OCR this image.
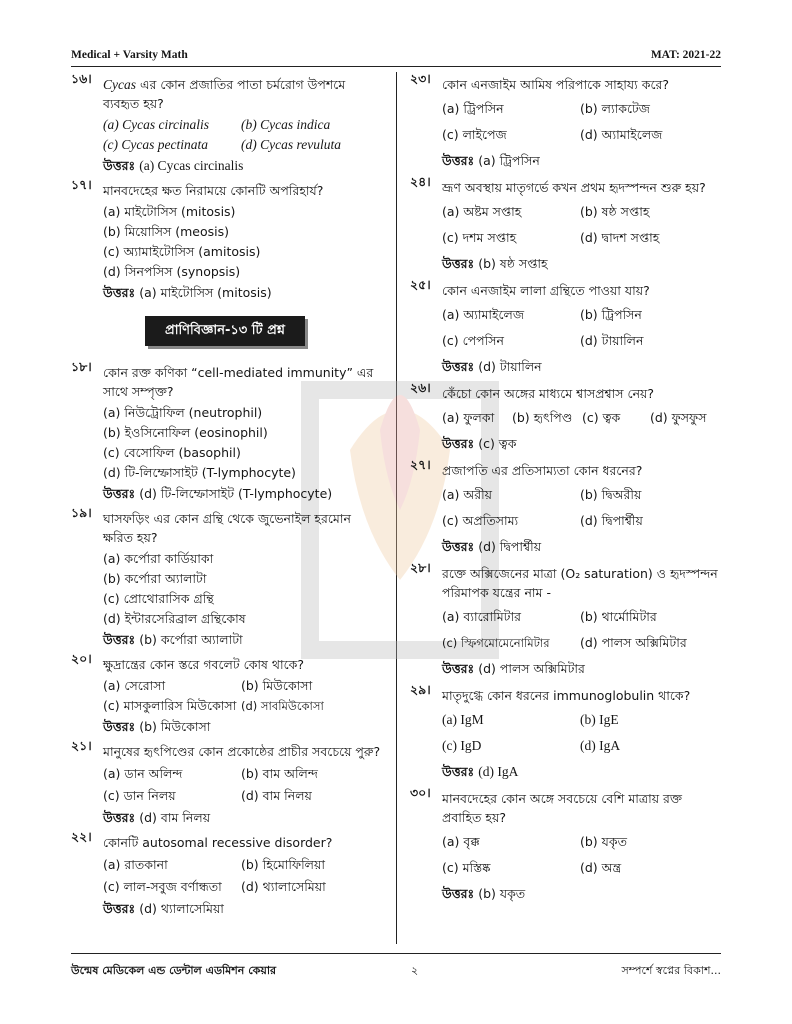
Medical + Varsity Math	MAT: 2021-22
১৬। Cycas এর কোন প্রজাতির পাতা চর্মরোগ উপশমে ব্যবহৃত হয়?
(a) Cycas circinalis	(b) Cycas indica
(c) Cycas pectinata	(d) Cycas revuluta
উত্তরঃ (a) Cycas circinalis
১৭। মানবদেহের ক্ষত নিরাময়ে কোনটি অপরিহার্য?
(a) মাইটোসিস (mitosis)
(b) মিয়োসিস (meosis)
(c) অ্যামাইটোসিস (amitosis)
(d) সিনপসিস (synopsis)
উত্তরঃ (a) মাইটোসিস (mitosis)
প্রাণিবিজ্ঞান-১৩ টি প্রশ্ন
১৮। কোন রক্ত কণিকা “cell-mediated immunity” এর সাথে সম্পৃক্ত?
(a) নিউট্রোফিল (neutrophil)
(b) ইওসিনোফিল (eosinophil)
(c) বেসোফিল (basophil)
(d) টি-লিম্ফোসাইট (T-lymphocyte)
উত্তরঃ (d) টি-লিম্ফোসাইট (T-lymphocyte)
১৯। ঘাসফড়িং এর কোন গ্রন্থি থেকে জুভেনাইল হরমোন ক্ষরিত হয়?
(a) কর্পোরা কার্ডিয়াকা
(b) কর্পোরা অ্যালাটা
(c) প্রোথোরাসিক গ্রন্থি
(d) ইন্টারসেরিব্রাল গ্রন্থিকোষ
উত্তরঃ (b) কর্পোরা অ্যালাটা
২০। ক্ষুদ্রান্ত্রের কোন স্তরে গবলেট কোষ থাকে?
(a) সেরোসা	(b) মিউকোসা
(c) মাসকুলারিস মিউকোসা (d) সাবমিউকোসা
উত্তরঃ (b) মিউকোসা
২১। মানুষের হৃৎপিণ্ডের কোন প্রকোষ্ঠের প্রাচীর সবচেয়ে পুরু?
(a) ডান অলিন্দ	(b) বাম অলিন্দ
(c) ডান নিলয়	(d) বাম নিলয়
উত্তরঃ (d) বাম নিলয়
২২। কোনটি autosomal recessive disorder?
(a) রাতকানা	(b) হিমোফিলিয়া
(c) লাল-সবুজ বর্ণান্ধতা	(d) থ্যালাসেমিয়া
উত্তরঃ (d) থ্যালাসেমিয়া
২৩। কোন এনজাইম আমিষ পরিপাকে সাহায্য করে?
(a) ট্রিপসিন	(b) ল্যাকটেজ
(c) লাইপেজ	(d) অ্যামাইলেজ
উত্তরঃ (a) ট্রিপসিন
২৪। ভ্রূণ অবস্থায় মাতৃগর্ভে কখন প্রথম হৃদস্পন্দন শুরু হয়?
(a) অষ্টম সপ্তাহ	(b) ষষ্ঠ সপ্তাহ
(c) দশম সপ্তাহ	(d) দ্বাদশ সপ্তাহ
উত্তরঃ (b) ষষ্ঠ সপ্তাহ
২৫। কোন এনজাইম লালা গ্রন্থিতে পাওয়া যায়?
(a) অ্যামাইলেজ	(b) ট্রিপসিন
(c) পেপসিন	(d) টায়ালিন
উত্তরঃ (d) টায়ালিন
২৬। কেঁচো কোন অঙ্গের মাধ্যমে শ্বাসপ্রশ্বাস নেয়?
(a) ফুলকা	(b) হৃৎপিণ্ড (c) ত্বক	(d) ফুসফুস
উত্তরঃ (c) ত্বক
২৭। প্রজাপতি এর প্রতিসাম্যতা কোন ধরনের?
(a) অরীয়	(b) দ্বিঅরীয়
(c) অপ্রতিসাম্য	(d) দ্বিপার্শ্বীয়
উত্তরঃ (d) দ্বিপার্শ্বীয়
২৮। রক্তে অক্সিজেনের মাত্রা (O₂ saturation) ও হৃদস্পন্দন পরিমাপক যন্ত্রের নাম -
(a) ব্যারোমিটার	(b) থার্মোমিটার
(c) স্ফিগমোমেনোমিটার	(d) পালস অক্সিমিটার
উত্তরঃ (d) পালস অক্সিমিটার
২৯। মাতৃদুগ্ধে কোন ধরনের immunoglobulin থাকে?
(a) IgM	(b) IgE
(c) IgD	(d) IgA
উত্তরঃ (d) IgA
৩০। মানবদেহের কোন অঙ্গে সবচেয়ে বেশি মাত্রায় রক্ত প্রবাহিত হয়?
(a) বৃক্ক	(b) যকৃত
(c) মস্তিষ্ক	(d) অন্ত্র
উত্তরঃ (b) যকৃত
উন্মেষ মেডিকেল এন্ড ডেন্টাল এডমিশন কেয়ার	২	সম্পর্শে স্বপ্নের বিকাশ...
